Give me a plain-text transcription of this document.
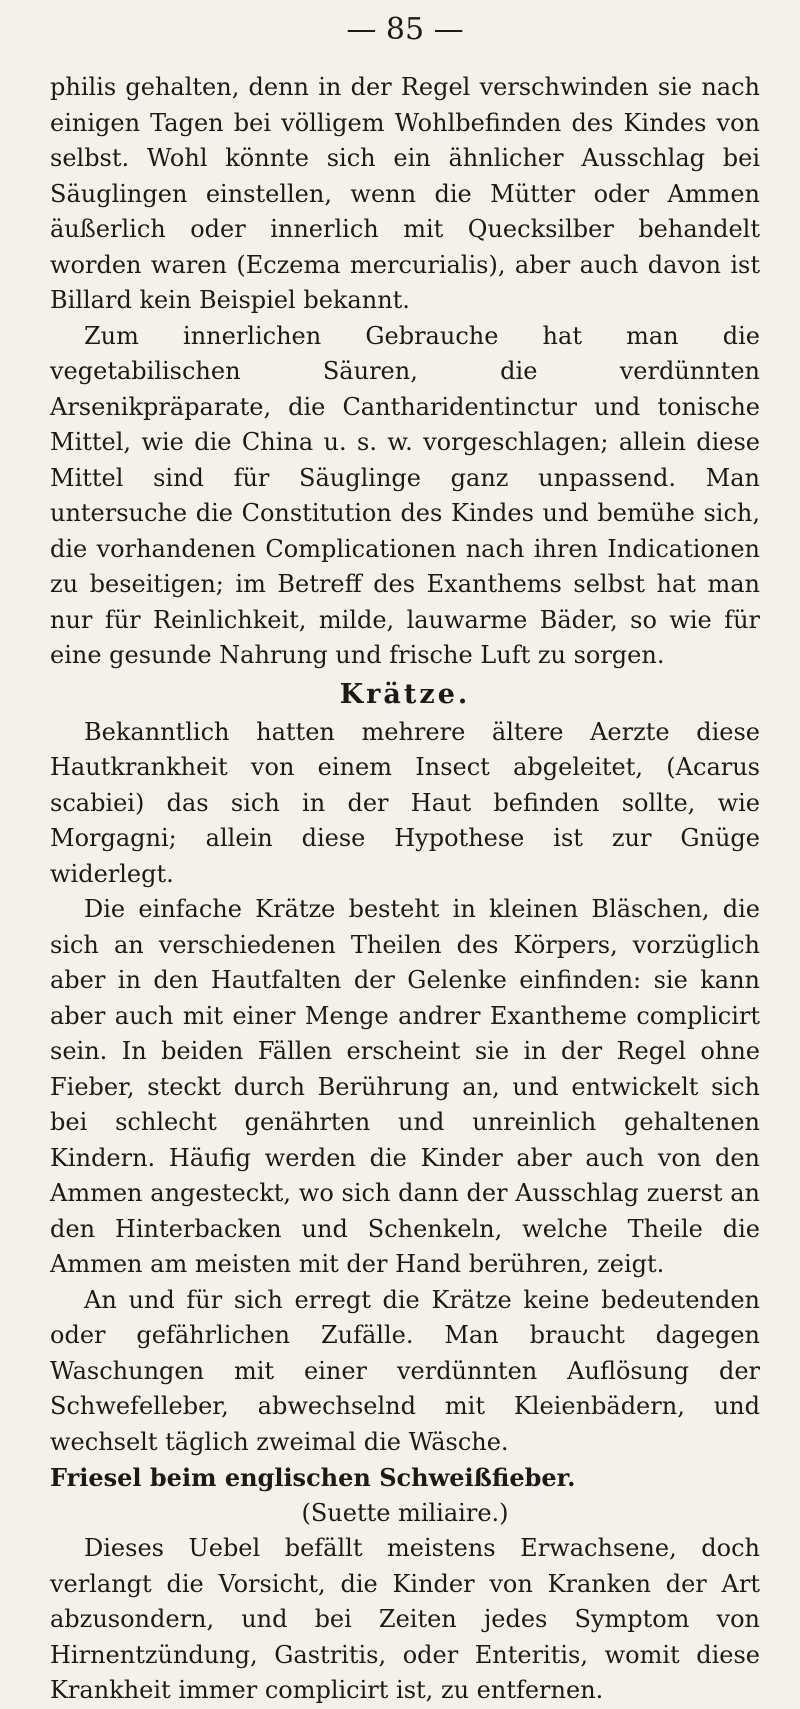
— 85 —

philis gehalten, denn in der Regel verschwinden sie nach einigen Tagen bei völligem Wohlbefinden des Kindes von selbst. Wohl könnte sich ein ähnlicher Ausschlag bei Säuglingen einstellen, wenn die Mütter oder Ammen äußerlich oder innerlich mit Quecksilber behandelt worden waren (Eczema mercurialis), aber auch davon ist Billard kein Beispiel bekannt.

Zum innerlichen Gebrauche hat man die vegetabilischen Säuren, die verdünnten Arsenikpräparate, die Cantharidentinctur und tonische Mittel, wie die China u. s. w. vorgeschlagen; allein diese Mittel sind für Säuglinge ganz unpassend. Man untersuche die Constitution des Kindes und bemühe sich, die vorhandenen Complicationen nach ihren Indicationen zu beseitigen; im Betreff des Exanthems selbst hat man nur für Reinlichkeit, milde, lauwarme Bäder, so wie für eine gesunde Nahrung und frische Luft zu sorgen.

Krätze.

Bekanntlich hatten mehrere ältere Aerzte diese Hautkrankheit von einem Insect abgeleitet, (Acarus scabiei) das sich in der Haut befinden sollte, wie Morgagni; allein diese Hypothese ist zur Gnüge widerlegt.

Die einfache Krätze besteht in kleinen Bläschen, die sich an verschiedenen Theilen des Körpers, vorzüglich aber in den Hautfalten der Gelenke einfinden: sie kann aber auch mit einer Menge andrer Exantheme complicirt sein. In beiden Fällen erscheint sie in der Regel ohne Fieber, steckt durch Berührung an, und entwickelt sich bei schlecht genährten und unreinlich gehaltenen Kindern. Häufig werden die Kinder aber auch von den Ammen angesteckt, wo sich dann der Ausschlag zuerst an den Hinterbacken und Schenkeln, welche Theile die Ammen am meisten mit der Hand berühren, zeigt.

An und für sich erregt die Krätze keine bedeutenden oder gefährlichen Zufälle. Man braucht dagegen Waschungen mit einer verdünnten Auflösung der Schwefelleber, abwechselnd mit Kleienbädern, und wechselt täglich zweimal die Wäsche.

Friesel beim englischen Schweißfieber.
(Suette miliaire.)

Dieses Uebel befällt meistens Erwachsene, doch verlangt die Vorsicht, die Kinder von Kranken der Art abzusondern, und bei Zeiten jedes Symptom von Hirnentzündung, Gastritis, oder Enteritis, womit diese Krankheit immer complicirt ist, zu entfernen.
